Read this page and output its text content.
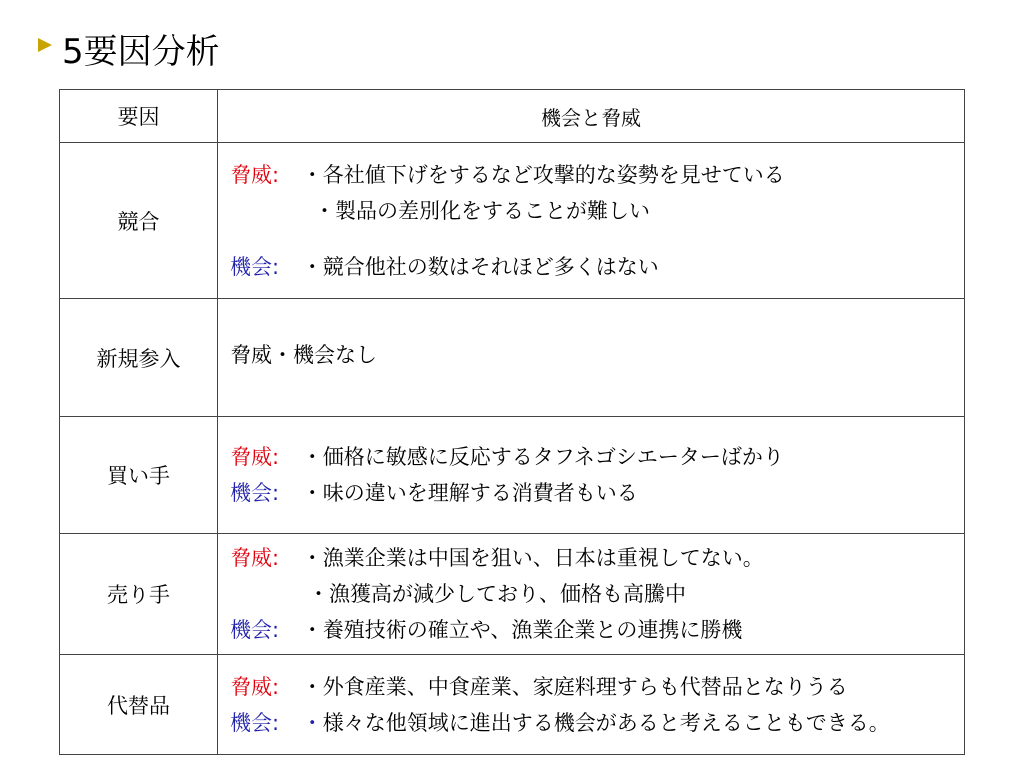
5要因分析
要因	機会と脅威
競合	脅威: ・各社値下げをするなど攻撃的な姿勢を見せている
・製品の差別化をすることが難しい
機会: ・競合他社の数はそれほど多くはない

新規参入	脅威・機会なし

買い手	脅威: ・価格に敏感に反応するタフネゴシエーターばかり
機会: ・味の違いを理解する消費者もいる

売り手	脅威: ・漁業企業は中国を狙い、日本は重視してない。
・漁獲高が減少しており、価格も高騰中
機会: ・養殖技術の確立や、漁業企業との連携に勝機

代替品	脅威: ・外食産業、中食産業、家庭料理すらも代替品となりうる
機会: ・様々な他領域に進出する機会があると考えることもできる。
